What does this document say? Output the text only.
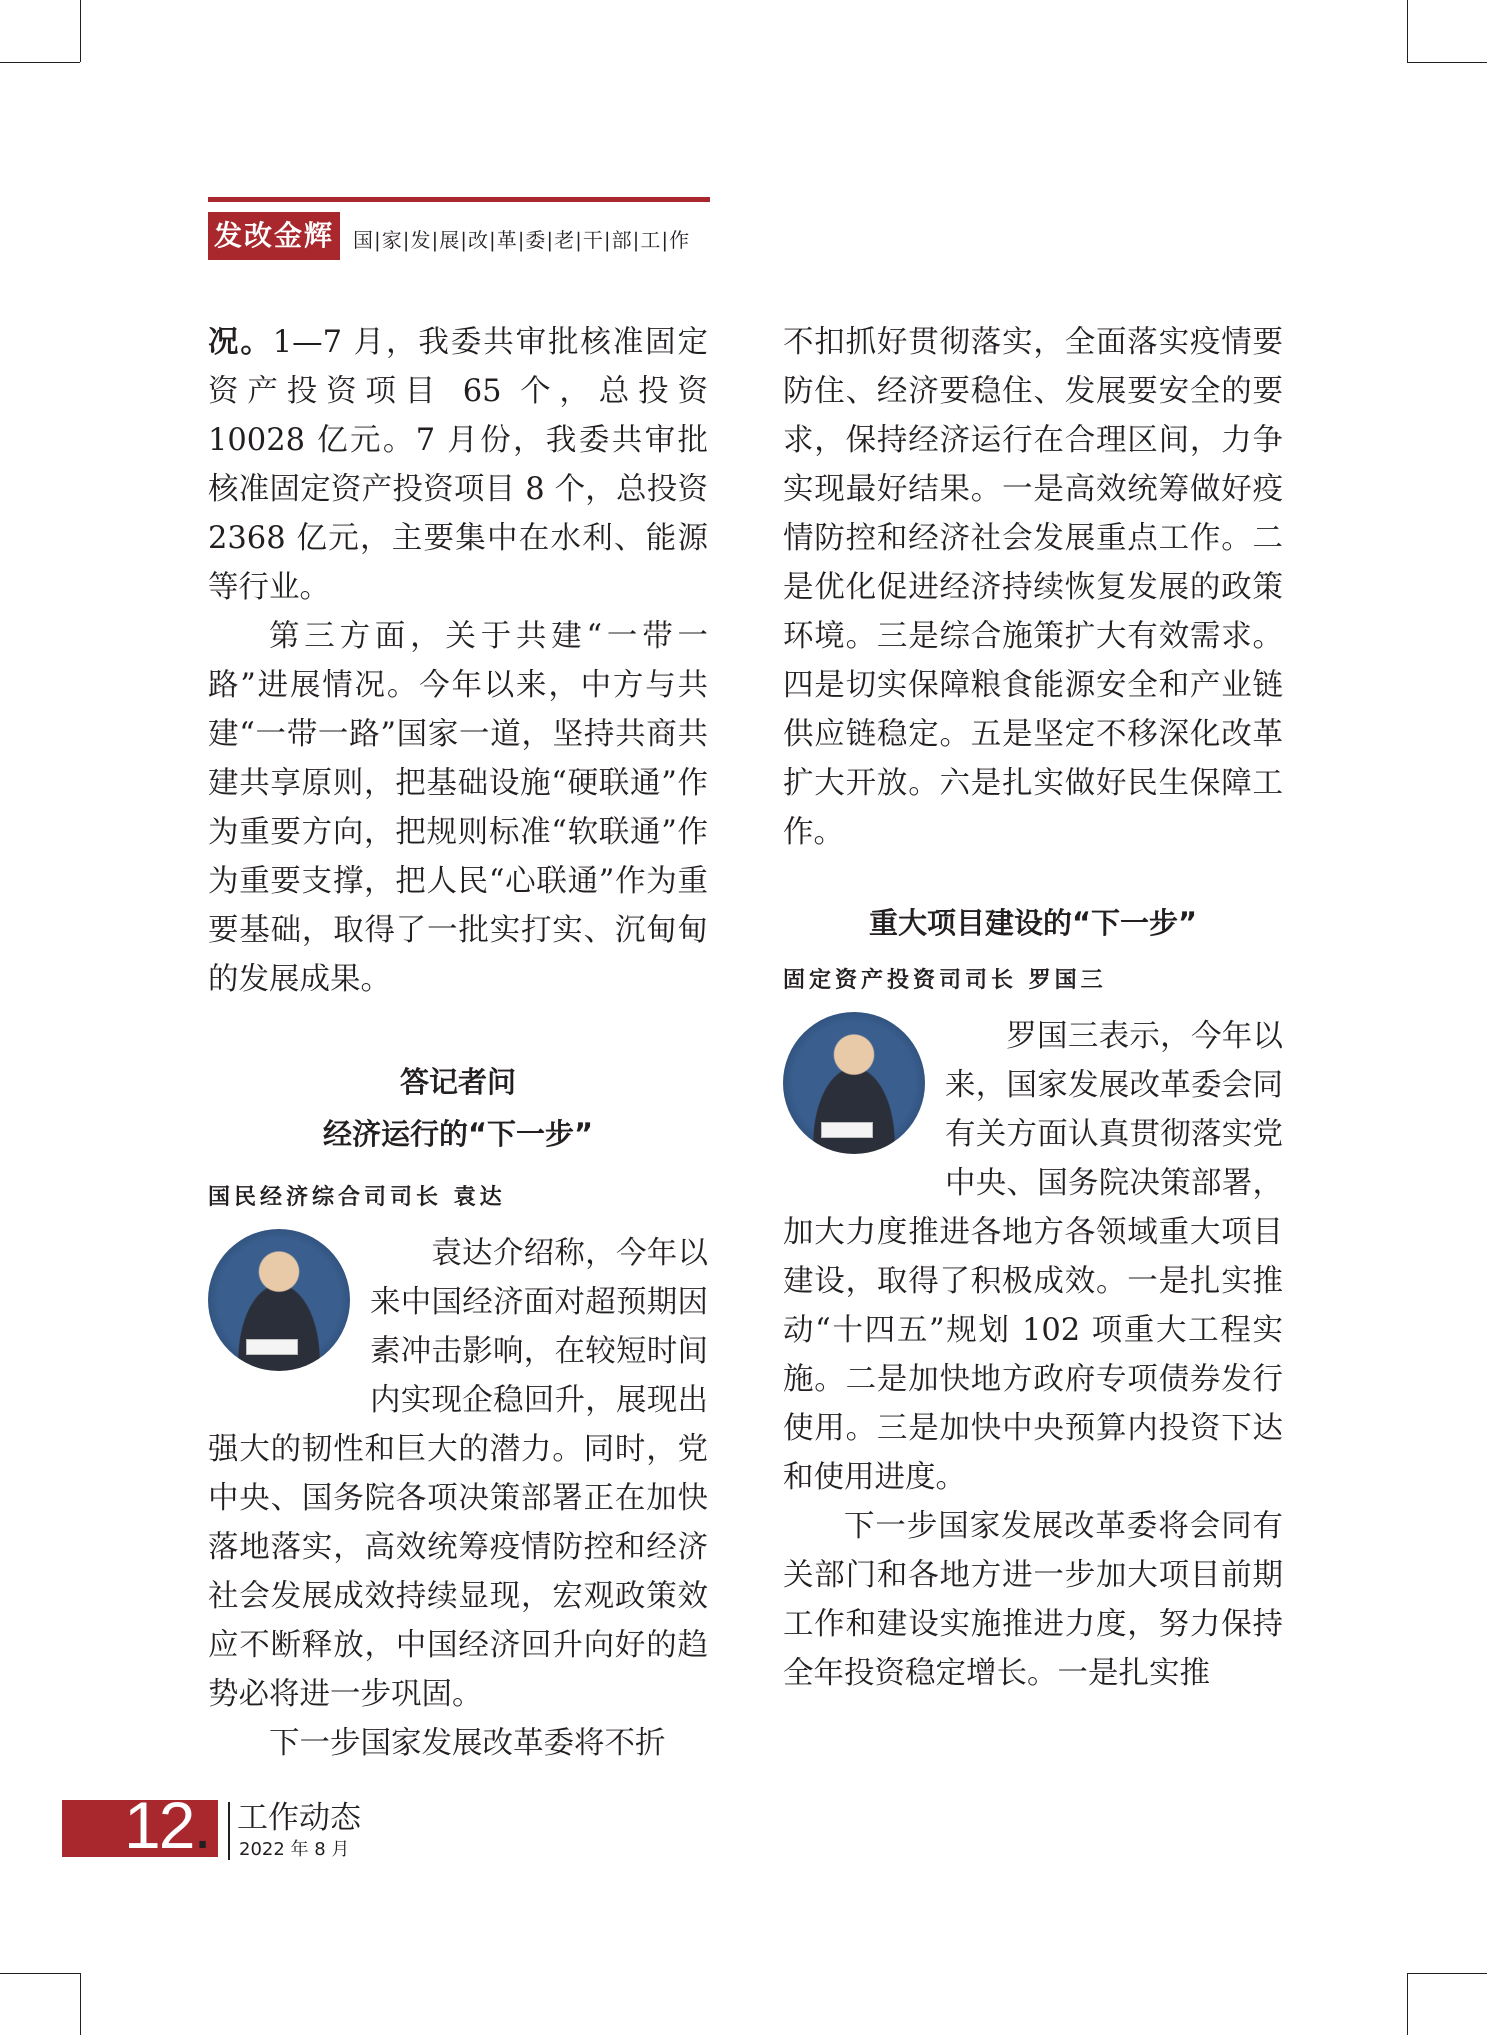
发改金辉 国|家|发|展|改|革|委|老|干|部|工|作

况。1—7 月，我委共审批核准固定资产投资项目 65 个，总投资 10028 亿元。7 月份，我委共审批核准固定资产投资项目 8 个，总投资 2368 亿元，主要集中在水利、能源等行业。

第三方面，关于共建“一带一路”进展情况。今年以来，中方与共建“一带一路”国家一道，坚持共商共建共享原则，把基础设施“硬联通”作为重要方向，把规则标准“软联通”作为重要支撑，把人民“心联通”作为重要基础，取得了一批实打实、沉甸甸的发展成果。

答记者问

经济运行的“下一步”

国民经济综合司司长 袁达

袁达介绍称，今年以来中国经济面对超预期因素冲击影响，在较短时间内实现企稳回升，展现出强大的韧性和巨大的潜力。同时，党中央、国务院各项决策部署正在加快落地落实，高效统筹疫情防控和经济社会发展成效持续显现，宏观政策效应不断释放，中国经济回升向好的趋势必将进一步巩固。

下一步国家发展改革委将不折

不扣抓好贯彻落实，全面落实疫情要防住、经济要稳住、发展要安全的要求，保持经济运行在合理区间，力争实现最好结果。一是高效统筹做好疫情防控和经济社会发展重点工作。二是优化促进经济持续恢复发展的政策环境。三是综合施策扩大有效需求。四是切实保障粮食能源安全和产业链供应链稳定。五是坚定不移深化改革扩大开放。六是扎实做好民生保障工作。

重大项目建设的“下一步”

固定资产投资司司长 罗国三

罗国三表示，今年以来，国家发展改革委会同有关方面认真贯彻落实党中央、国务院决策部署，加大力度推进各地方各领域重大项目建设，取得了积极成效。一是扎实推动“十四五”规划 102 项重大工程实施。二是加快地方政府专项债券发行使用。三是加快中央预算内投资下达和使用进度。

下一步国家发展改革委将会同有关部门和各地方进一步加大项目前期工作和建设实施推进力度，努力保持全年投资稳定增长。一是扎实推

12. 工作动态
2022 年 8 月
